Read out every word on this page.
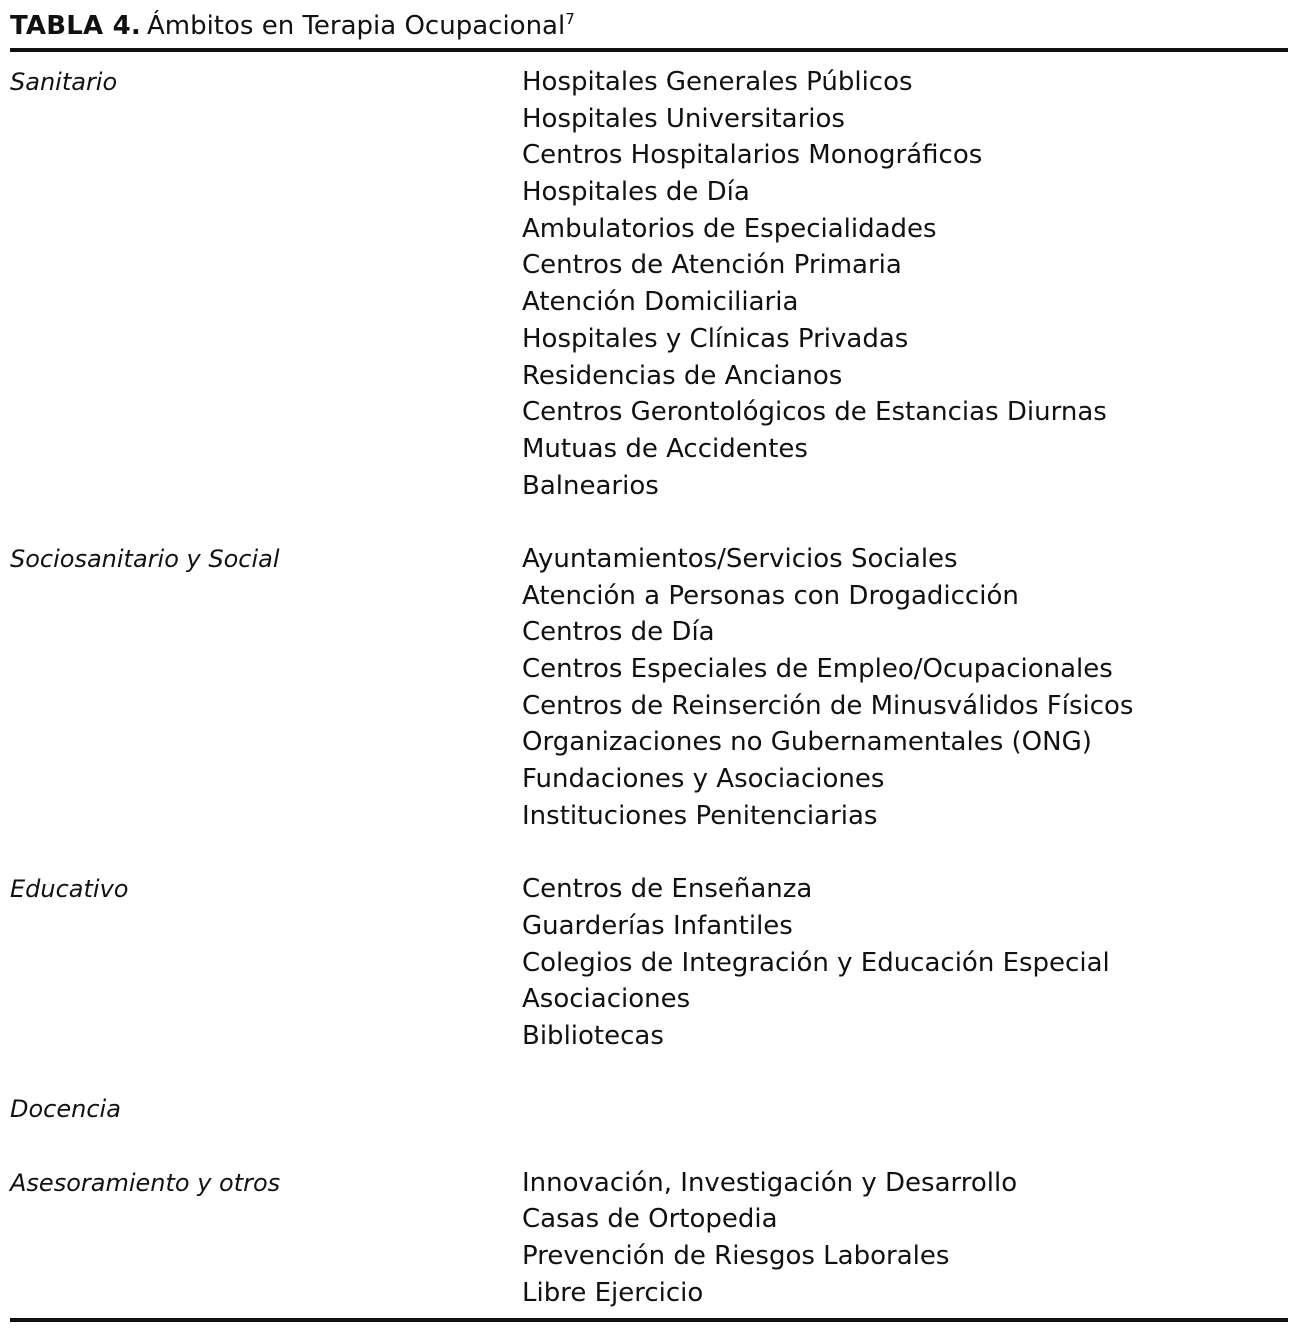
TABLA 4. Ámbitos en Terapia Ocupacional$^7$
Sanitario	Hospitales Generales Públicos
Hospitales Universitarios
Centros Hospitalarios Monográficos
Hospitales de Día
Ambulatorios de Especialidades
Centros de Atención Primaria
Atención Domiciliaria
Hospitales y Clínicas Privadas
Residencias de Ancianos
Centros Gerontológicos de Estancias Diurnas
Mutuas de Accidentes
Balnearios
Sociosanitario y Social	Ayuntamientos/Servicios Sociales
Atención a Personas con Drogadicción
Centros de Día
Centros Especiales de Empleo/Ocupacionales
Centros de Reinserción de Minusválidos Físicos
Organizaciones no Gubernamentales (ONG)
Fundaciones y Asociaciones
Instituciones Penitenciarias
Educativo	Centros de Enseñanza
Guarderías Infantiles
Colegios de Integración y Educación Especial
Asociaciones
Bibliotecas
Docencia
Asesoramiento y otros	Innovación, Investigación y Desarrollo
Casas de Ortopedia
Prevención de Riesgos Laborales
Libre Ejercicio
